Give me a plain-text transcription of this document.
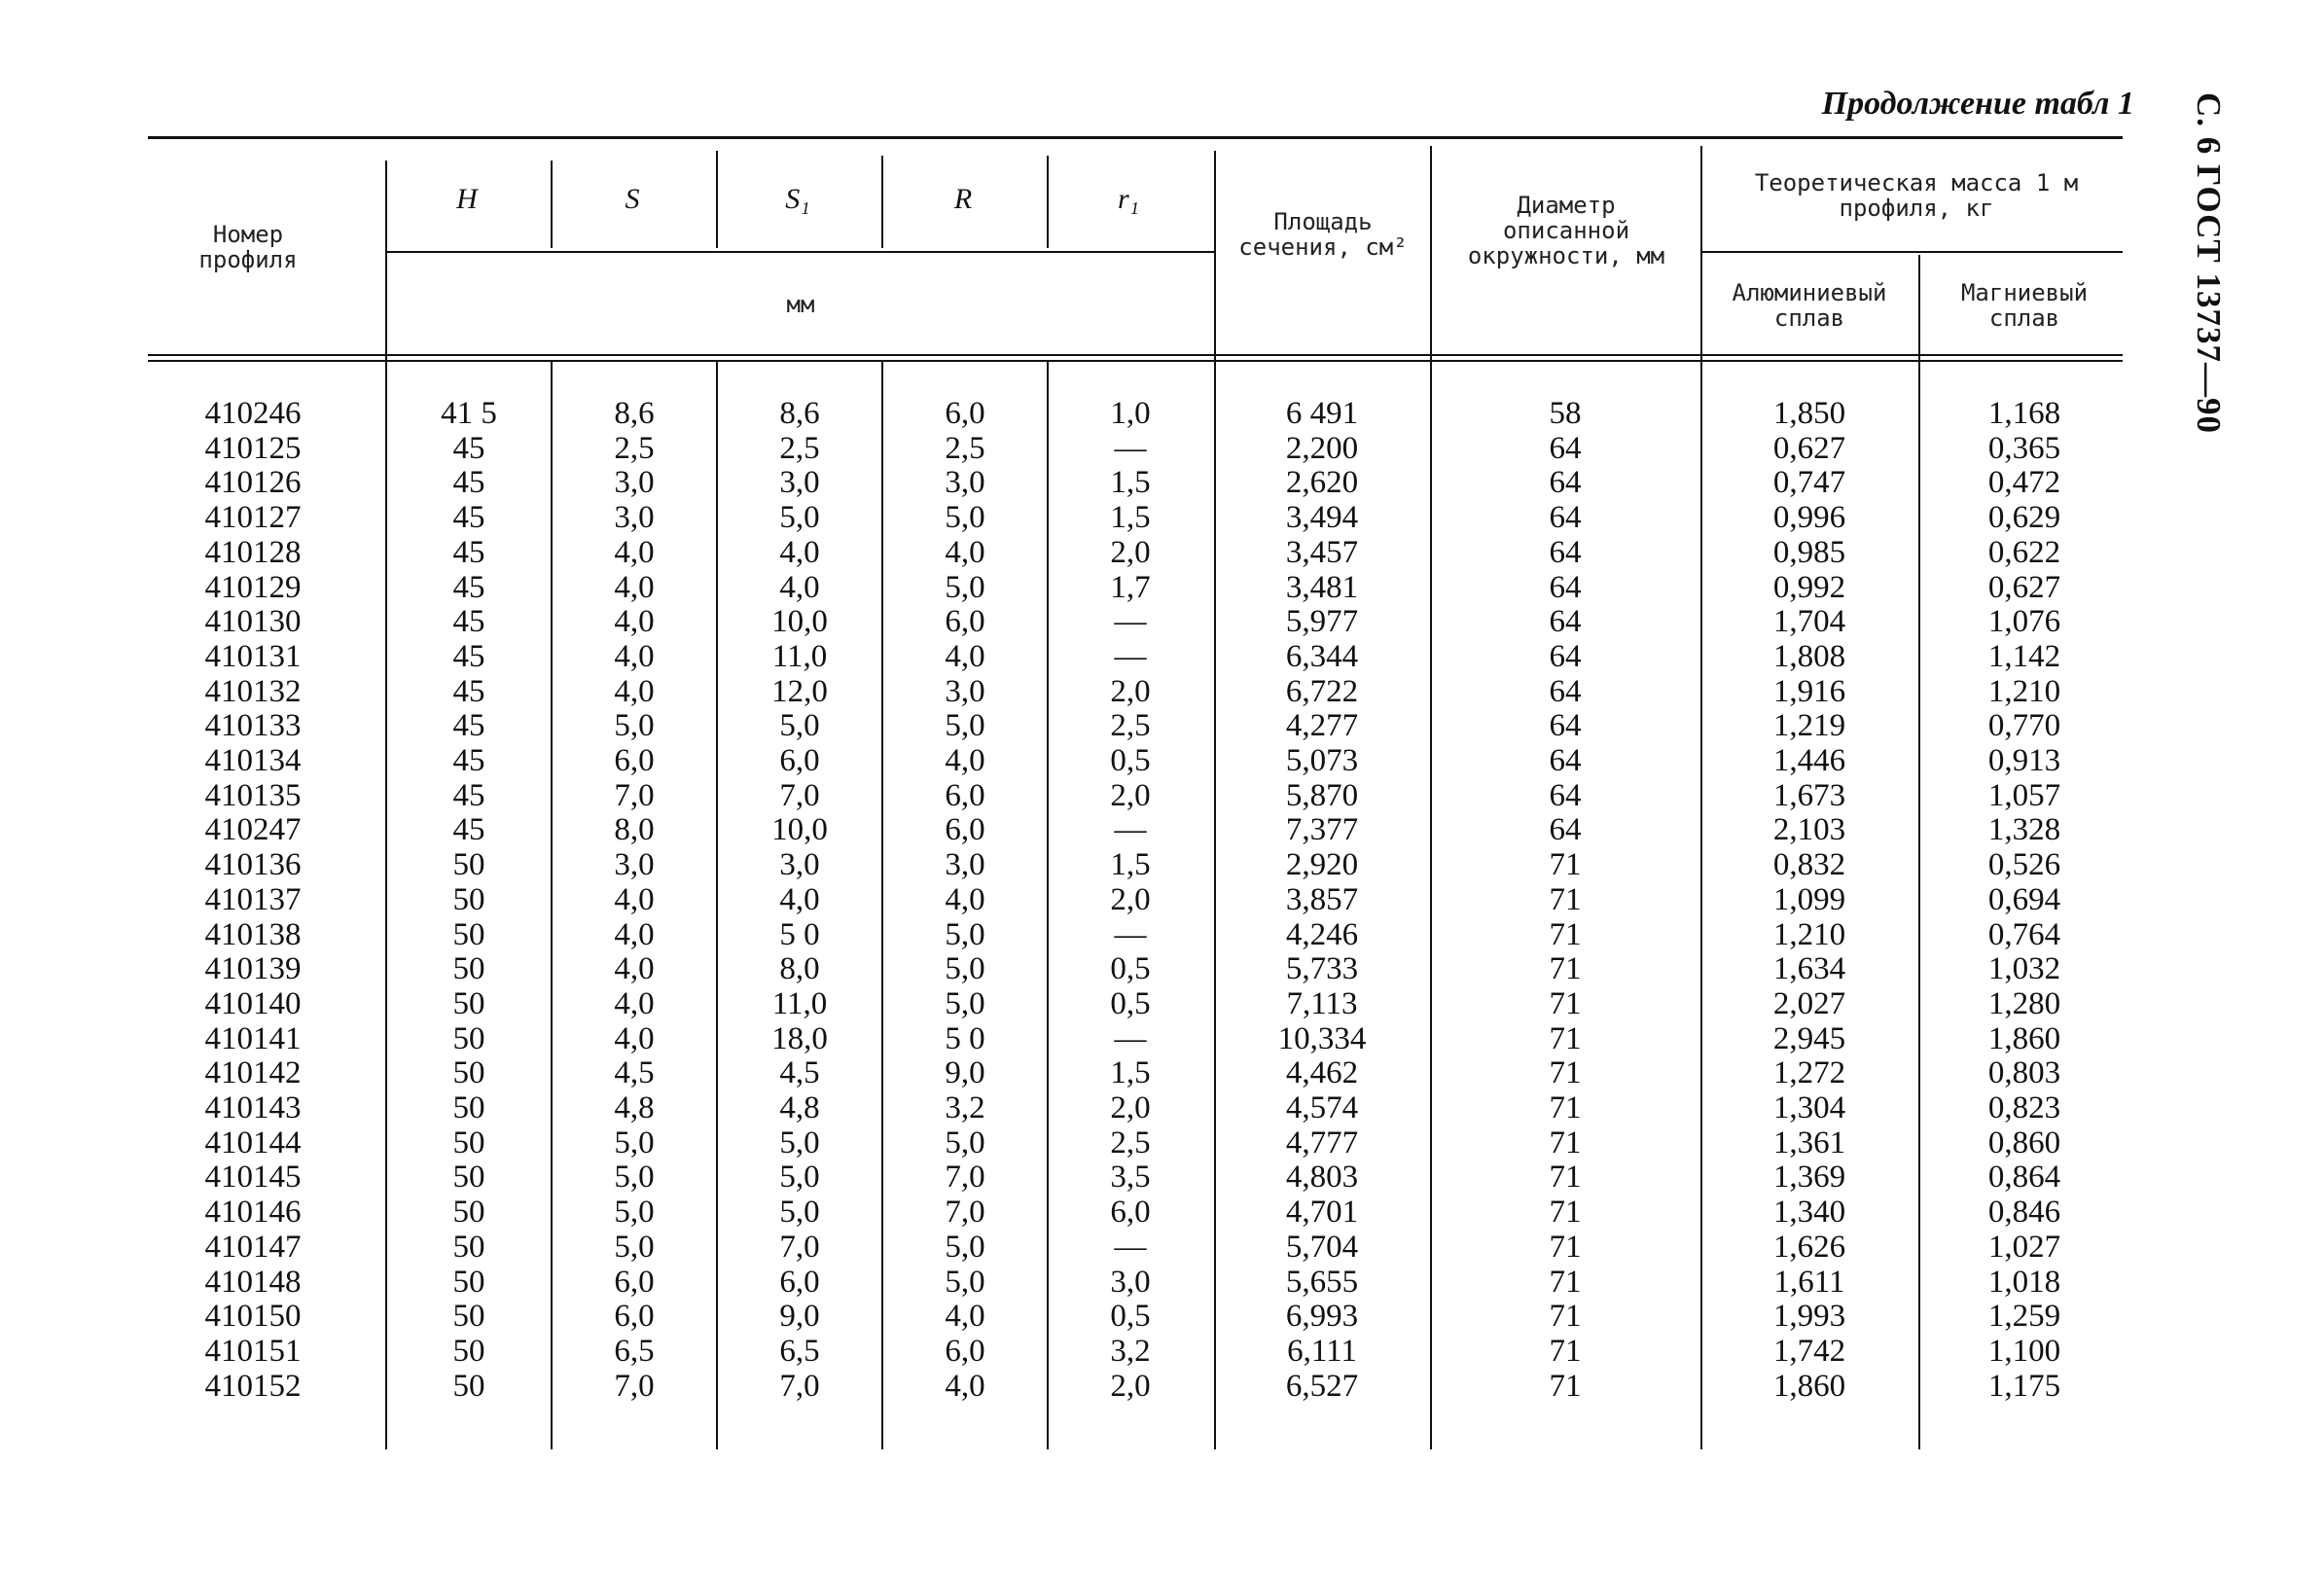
С. 6 ГОСТ 13737—90
Продолжение табл 1
Номер профиля
H	S	S₁	R	r₁
мм
Площадь сечения, см²
Диаметр описанной окружности, мм
Теоретическая масса 1 м профиля, кг
Алюминиевый сплав
Магниевый сплав
410246	41 5	8,6	8,6	6,0	1,0	6 491	58	1,850	1,168
410125	45	2,5	2,5	2,5	—	2,200	64	0,627	0,365
410126	45	3,0	3,0	3,0	1,5	2,620	64	0,747	0,472
410127	45	3,0	5,0	5,0	1,5	3,494	64	0,996	0,629
410128	45	4,0	4,0	4,0	2,0	3,457	64	0,985	0,622
410129	45	4,0	4,0	5,0	1,7	3,481	64	0,992	0,627
410130	45	4,0	10,0	6,0	—	5,977	64	1,704	1,076
410131	45	4,0	11,0	4,0	—	6,344	64	1,808	1,142
410132	45	4,0	12,0	3,0	2,0	6,722	64	1,916	1,210
410133	45	5,0	5,0	5,0	2,5	4,277	64	1,219	0,770
410134	45	6,0	6,0	4,0	0,5	5,073	64	1,446	0,913
410135	45	7,0	7,0	6,0	2,0	5,870	64	1,673	1,057
410247	45	8,0	10,0	6,0	—	7,377	64	2,103	1,328
410136	50	3,0	3,0	3,0	1,5	2,920	71	0,832	0,526
410137	50	4,0	4,0	4,0	2,0	3,857	71	1,099	0,694
410138	50	4,0	5 0	5,0	—	4,246	71	1,210	0,764
410139	50	4,0	8,0	5,0	0,5	5,733	71	1,634	1,032
410140	50	4,0	11,0	5,0	0,5	7,113	71	2,027	1,280
410141	50	4,0	18,0	5 0	—	10,334	71	2,945	1,860
410142	50	4,5	4,5	9,0	1,5	4,462	71	1,272	0,803
410143	50	4,8	4,8	3,2	2,0	4,574	71	1,304	0,823
410144	50	5,0	5,0	5,0	2,5	4,777	71	1,361	0,860
410145	50	5,0	5,0	7,0	3,5	4,803	71	1,369	0,864
410146	50	5,0	5,0	7,0	6,0	4,701	71	1,340	0,846
410147	50	5,0	7,0	5,0	—	5,704	71	1,626	1,027
410148	50	6,0	6,0	5,0	3,0	5,655	71	1,611	1,018
410150	50	6,0	9,0	4,0	0,5	6,993	71	1,993	1,259
410151	50	6,5	6,5	6,0	3,2	6,111	71	1,742	1,100
410152	50	7,0	7,0	4,0	2,0	6,527	71	1,860	1,175
